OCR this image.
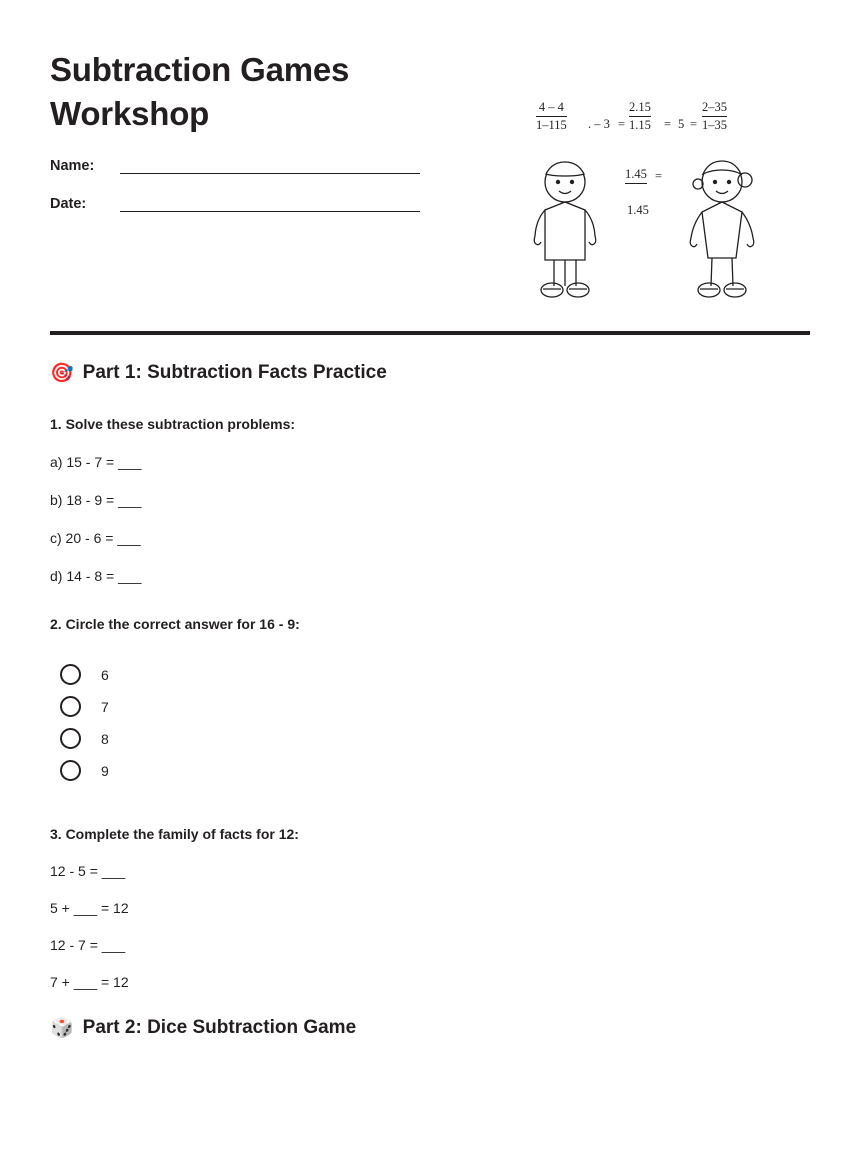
Subtraction Games Workshop
Name:
Date:
$\frac{4 - 4}{1-115}$ . – $3 = \frac{2.15}{1.15} = 5 = \frac{2-35}{1-35}$
1.45 =
1.45
🎯 Part 1: Subtraction Facts Practice
1. Solve these subtraction problems:
a) 15 - 7 = ___
b) 18 - 9 = ___
c) 20 - 6 = ___
d) 14 - 8 = ___
2. Circle the correct answer for 16 - 9:
6
7
8
9
3. Complete the family of facts for 12:
12 - 5 = ___
5 + ___ = 12
12 - 7 = ___
7 + ___ = 12
🎲 Part 2: Dice Subtraction Game
